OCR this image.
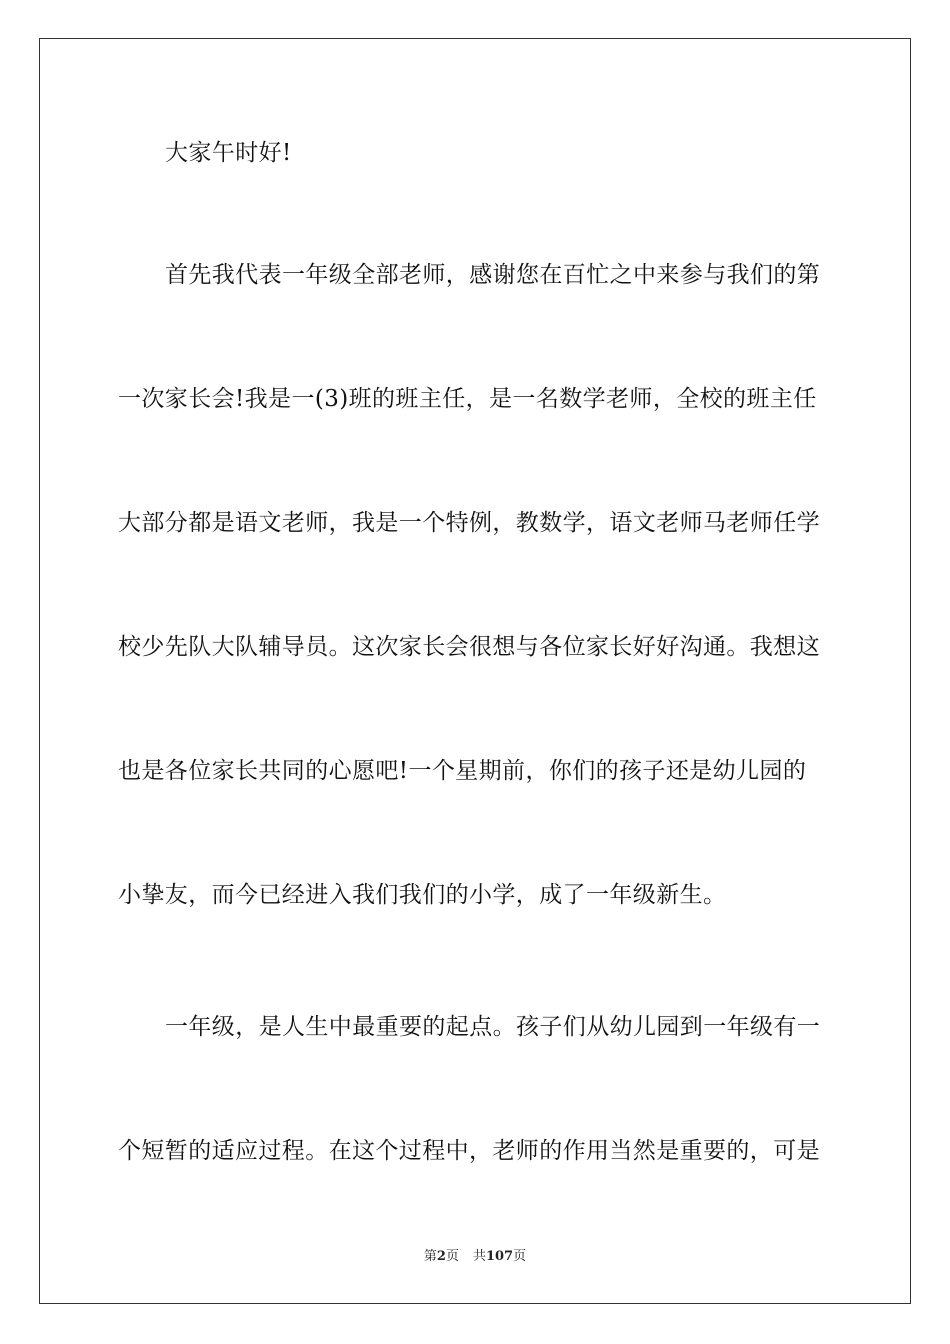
大家午时好!
首先我代表一年级全部老师，感谢您在百忙之中来参与我们的第
一次家长会!我是一(3)班的班主任，是一名数学老师，全校的班主任
大部分都是语文老师，我是一个特例，教数学，语文老师马老师任学
校少先队大队辅导员。这次家长会很想与各位家长好好沟通。我想这
也是各位家长共同的心愿吧!一个星期前，你们的孩子还是幼儿园的
小挚友，而今已经进入我们我们的小学，成了一年级新生。
一年级，是人生中最重要的起点。孩子们从幼儿园到一年级有一
个短暂的适应过程。在这个过程中，老师的作用当然是重要的，可是
第2页 共107页
